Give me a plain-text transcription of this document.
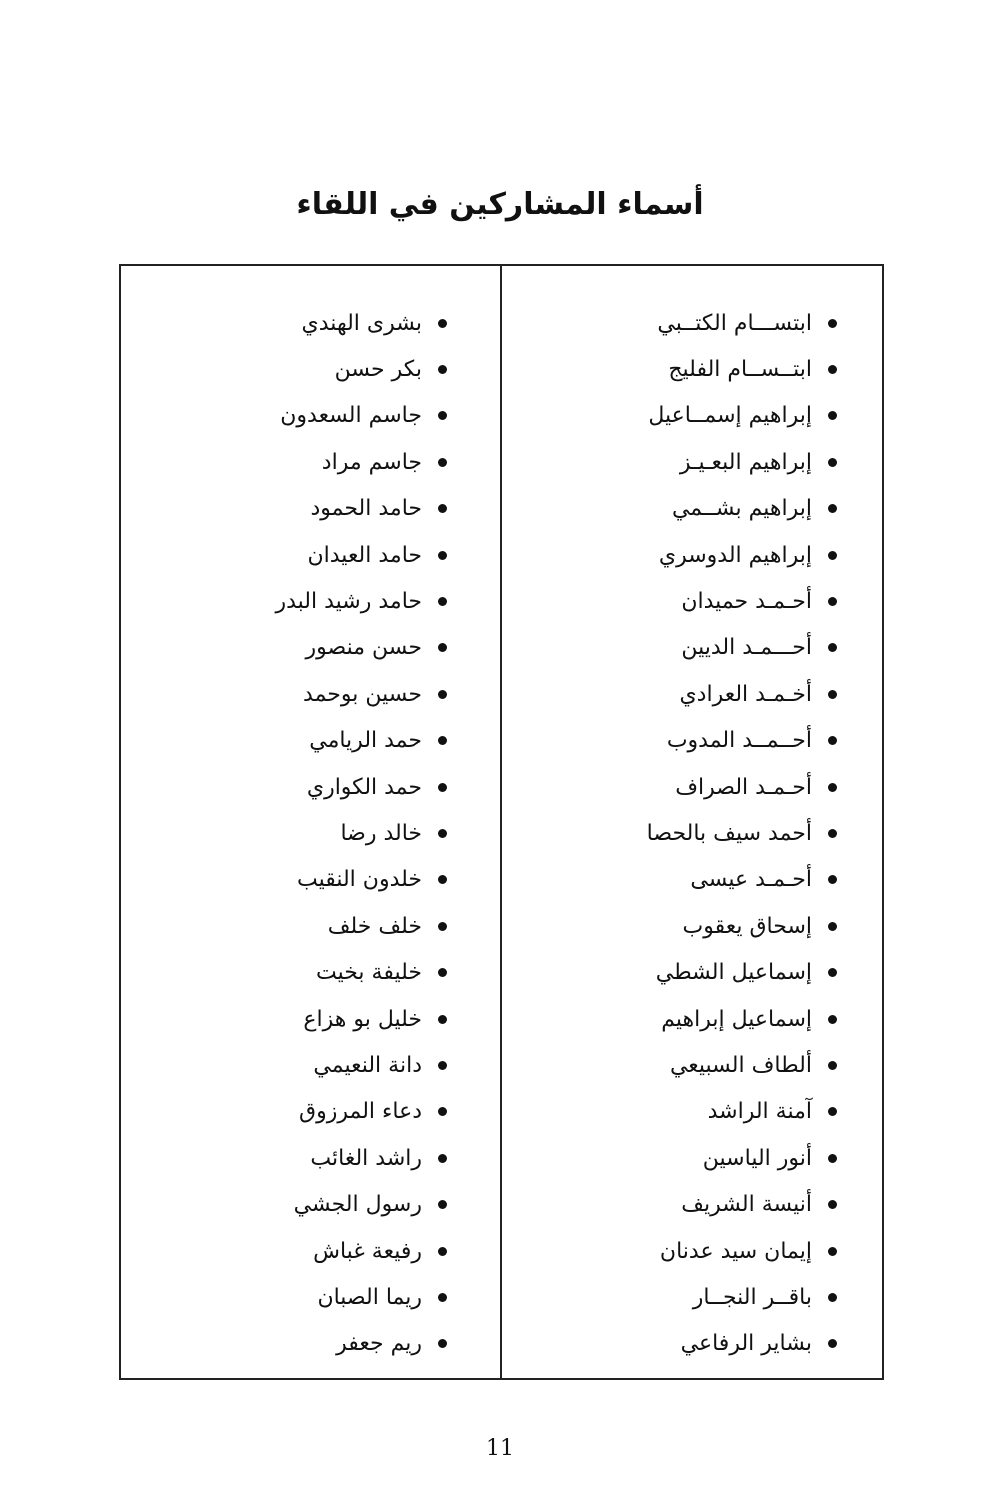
أسماء المشاركين في اللقاء
ابتســـام الكتــبي
ابتــســام الفليج
إبراهيم إسمــاعيل
إبراهيم البعـيـز
إبراهيم بشــمي
إبراهيم الدوسري
أحـمـد حميدان
أحـــمـد الديين
أخـمـد العرادي
أحــمــد المدوب
أحـمـد الصراف
أحمد سيف بالحصا
أحـمـد عيسى
إسحاق يعقوب
إسماعيل الشطي
إسماعيل إبراهيم
ألطاف السبيعي
آمنة الراشد
أنور الياسين
أنيسة الشريف
إيمان سيد عدنان
باقــر النجــار
بشاير الرفاعي
بشرى الهندي
بكر حسن
جاسم السعدون
جاسم مراد
حامد الحمود
حامد العيدان
حامد رشيد البدر
حسن منصور
حسين بوحمد
حمد الريامي
حمد الكواري
خالد رضا
خلدون النقيب
خلف خلف
خليفة بخيت
خليل بو هزاع
دانة النعيمي
دعاء المرزوق
راشد الغائب
رسول الجشي
رفيعة غباش
ريما الصبان
ريم جعفر
11
